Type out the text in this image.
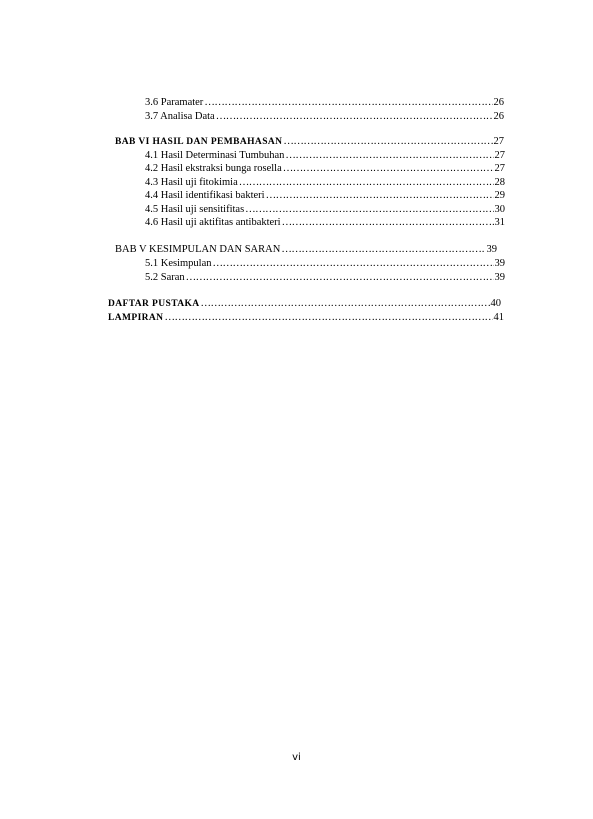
3.6 Paramater ………………………………………………………………………………………………………………………………………………………………………………	26
3.7 Analisa Data ………………………………………………………………………………………………………………………………………………………………………………	26
BAB VI HASIL DAN PEMBAHASAN ………………………………………………………………………………………………………………………………………………………………………………	27
4.1 Hasil Determinasi Tumbuhan ………………………………………………………………………………………………………………………………………………………………………………	27
4.2 Hasil ekstraksi bunga rosella ………………………………………………………………………………………………………………………………………………………………………………	27
4.3 Hasil uji fitokimia ………………………………………………………………………………………………………………………………………………………………………………	28
4.4 Hasil identifikasi bakteri ………………………………………………………………………………………………………………………………………………………………………………	29
4.5 Hasil uji sensitifitas ………………………………………………………………………………………………………………………………………………………………………………	30
4.6 Hasil uji aktifitas antibakteri ………………………………………………………………………………………………………………………………………………………………………………	31
BAB V KESIMPULAN DAN SARAN ………………………………………………………………………………………………………………………………………………………………………………	39
5.1 Kesimpulan ………………………………………………………………………………………………………………………………………………………………………………	39
5.2 Saran ………………………………………………………………………………………………………………………………………………………………………………	39
DAFTAR PUSTAKA ………………………………………………………………………………………………………………………………………………………………………………	40
LAMPIRAN ………………………………………………………………………………………………………………………………………………………………………………	41
vi
